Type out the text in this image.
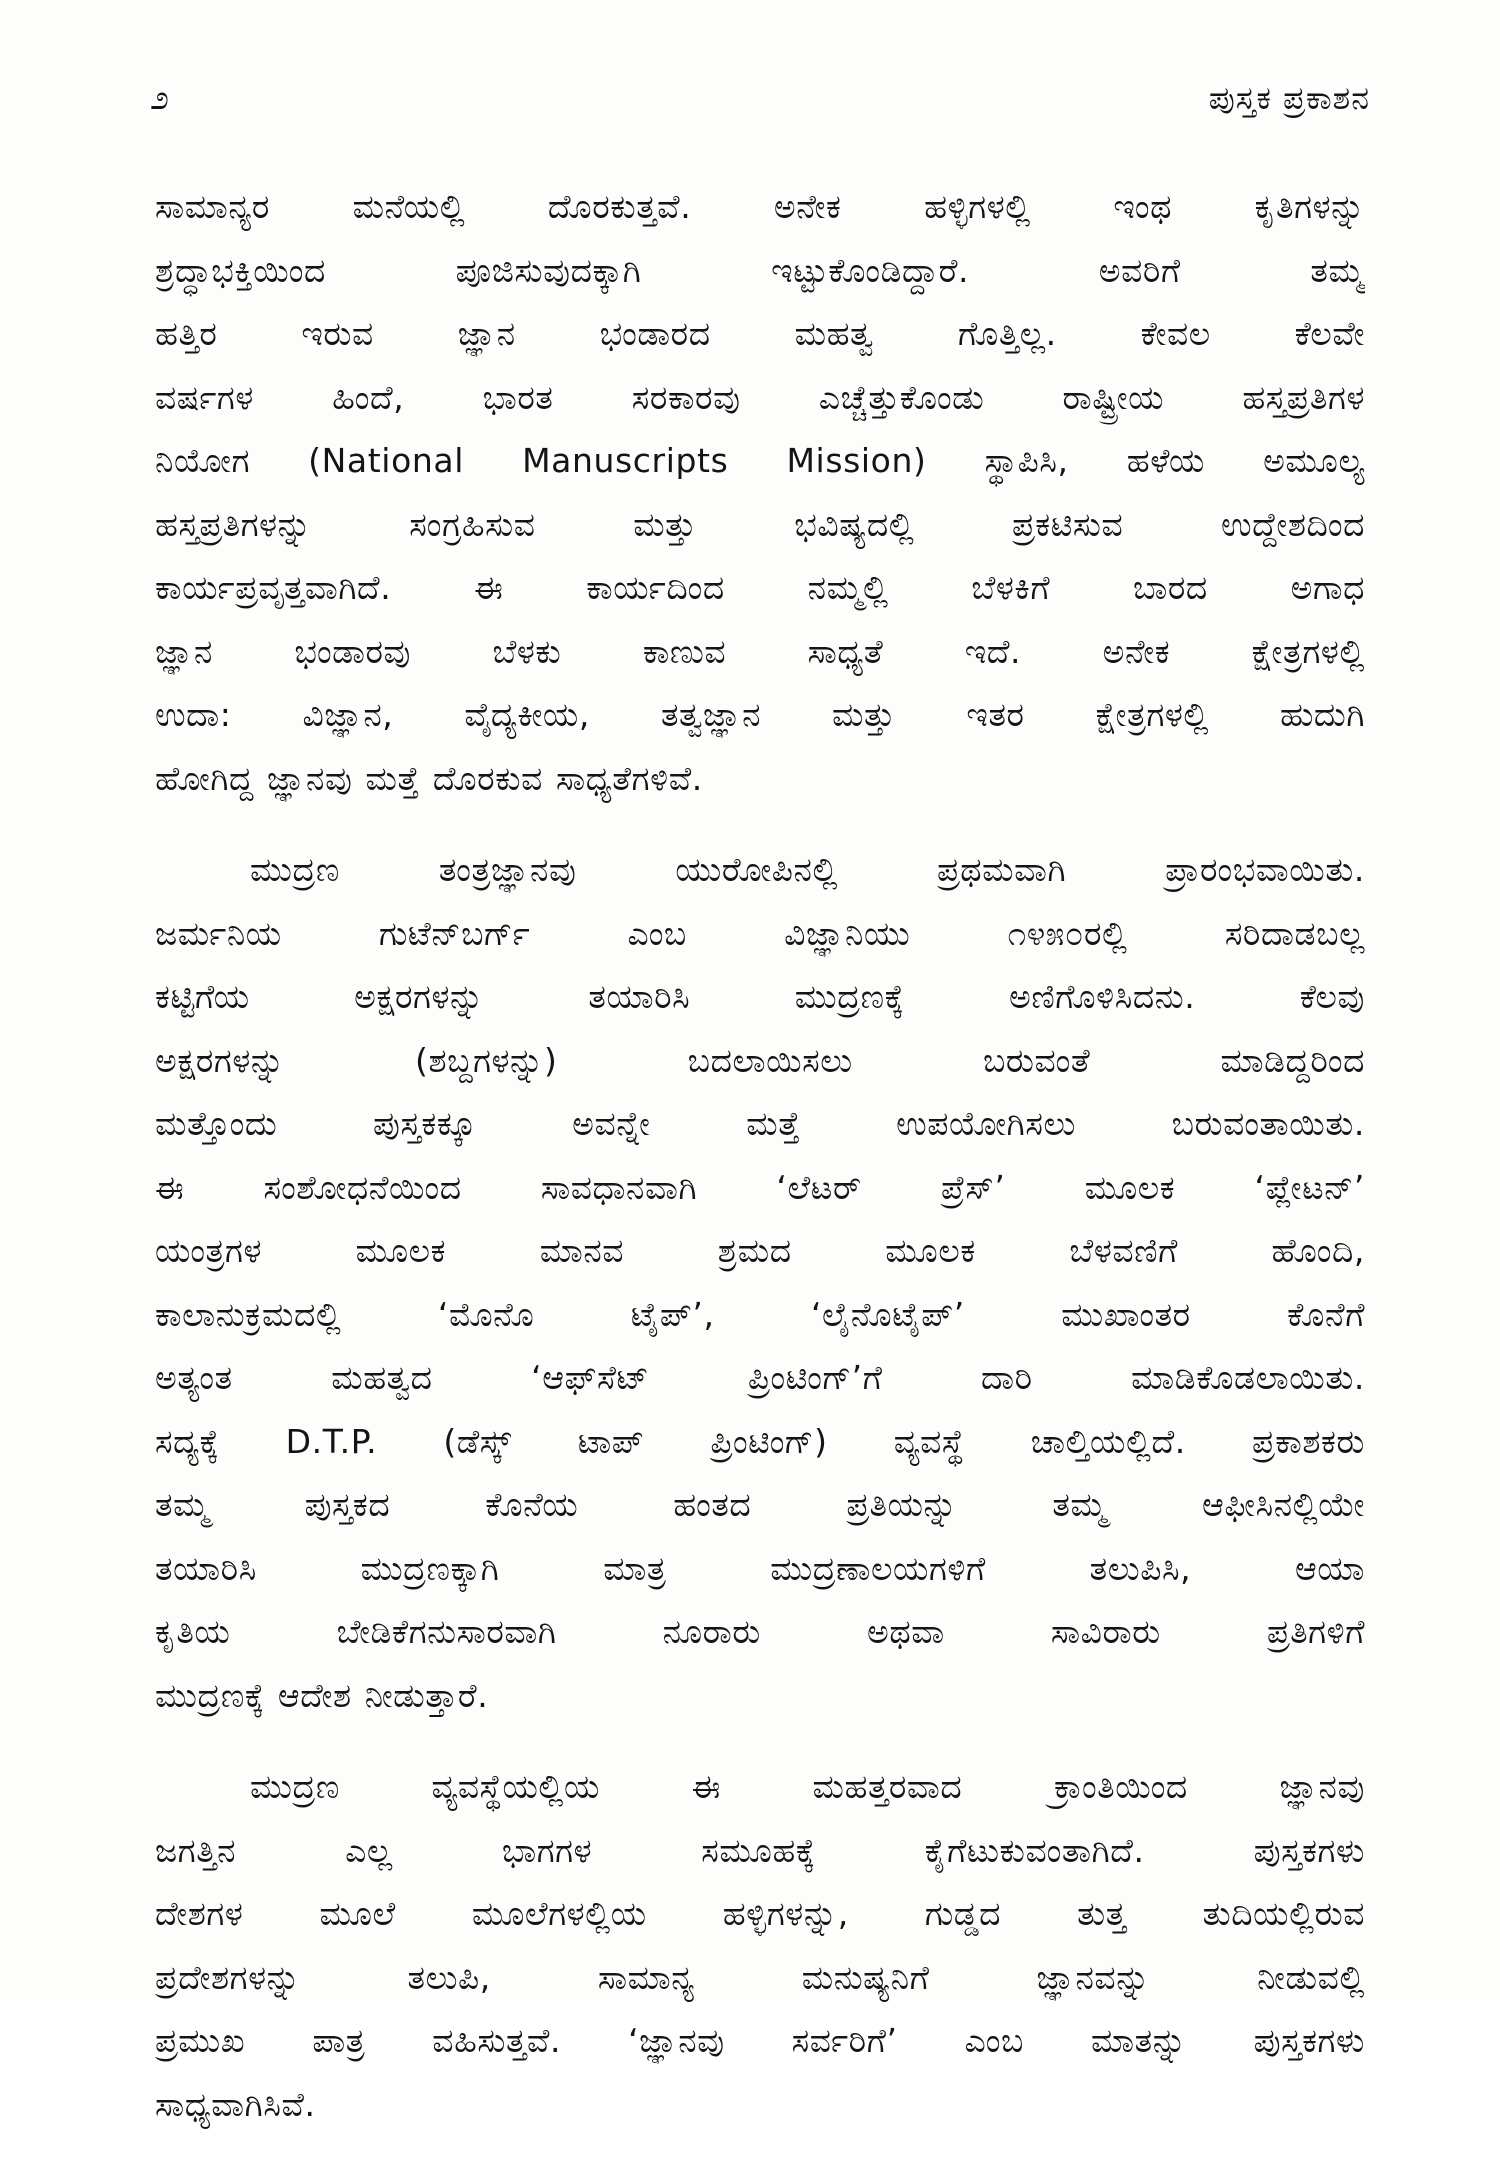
೨	ಪುಸ್ತಕ ಪ್ರಕಾಶನ
ಸಾಮಾನ್ಯರ ಮನೆಯಲ್ಲಿ ದೊರಕುತ್ತವೆ. ಅನೇಕ ಹಳ್ಳಿಗಳಲ್ಲಿ ಇಂಥ ಕೃತಿಗಳನ್ನು
ಶ್ರದ್ಧಾಭಕ್ತಿಯಿಂದ ಪೂಜಿಸುವುದಕ್ಕಾಗಿ ಇಟ್ಟುಕೊಂಡಿದ್ದಾರೆ. ಅವರಿಗೆ ತಮ್ಮ
ಹತ್ತಿರ ಇರುವ ಜ್ಞಾನ ಭಂಡಾರದ ಮಹತ್ವ ಗೊತ್ತಿಲ್ಲ. ಕೇವಲ ಕೆಲವೇ
ವರ್ಷಗಳ ಹಿಂದೆ, ಭಾರತ ಸರಕಾರವು ಎಚ್ಚೆತ್ತುಕೊಂಡು ರಾಷ್ಟ್ರೀಯ ಹಸ್ತಪ್ರತಿಗಳ
ನಿಯೋಗ (National Manuscripts Mission) ಸ್ಥಾಪಿಸಿ, ಹಳೆಯ ಅಮೂಲ್ಯ
ಹಸ್ತಪ್ರತಿಗಳನ್ನು ಸಂಗ್ರಹಿಸುವ ಮತ್ತು ಭವಿಷ್ಯದಲ್ಲಿ ಪ್ರಕಟಿಸುವ ಉದ್ದೇಶದಿಂದ
ಕಾರ್ಯಪ್ರವೃತ್ತವಾಗಿದೆ. ಈ ಕಾರ್ಯದಿಂದ ನಮ್ಮಲ್ಲಿ ಬೆಳಕಿಗೆ ಬಾರದ ಅಗಾಧ
ಜ್ಞಾನ ಭಂಡಾರವು ಬೆಳಕು ಕಾಣುವ ಸಾಧ್ಯತೆ ಇದೆ. ಅನೇಕ ಕ್ಷೇತ್ರಗಳಲ್ಲಿ
ಉದಾ: ವಿಜ್ಞಾನ, ವೈದ್ಯಕೀಯ, ತತ್ವಜ್ಞಾನ ಮತ್ತು ಇತರ ಕ್ಷೇತ್ರಗಳಲ್ಲಿ ಹುದುಗಿ
ಹೋಗಿದ್ದ ಜ್ಞಾನವು ಮತ್ತೆ ದೊರಕುವ ಸಾಧ್ಯತೆಗಳಿವೆ.
ಮುದ್ರಣ ತಂತ್ರಜ್ಞಾನವು ಯುರೋಪಿನಲ್ಲಿ ಪ್ರಥಮವಾಗಿ ಪ್ರಾರಂಭವಾಯಿತು.
ಜರ್ಮನಿಯ ಗುಟೆನ್‌ಬರ್ಗ್ ಎಂಬ ವಿಜ್ಞಾನಿಯು ೧೪೫೦ರಲ್ಲಿ ಸರಿದಾಡಬಲ್ಲ
ಕಟ್ಟಿಗೆಯ ಅಕ್ಷರಗಳನ್ನು ತಯಾರಿಸಿ ಮುದ್ರಣಕ್ಕೆ ಅಣಿಗೊಳಿಸಿದನು. ಕೆಲವು
ಅಕ್ಷರಗಳನ್ನು (ಶಬ್ದಗಳನ್ನು) ಬದಲಾಯಿಸಲು ಬರುವಂತೆ ಮಾಡಿದ್ದರಿಂದ
ಮತ್ತೊಂದು ಪುಸ್ತಕಕ್ಕೂ ಅವನ್ನೇ ಮತ್ತೆ ಉಪಯೋಗಿಸಲು ಬರುವಂತಾಯಿತು.
ಈ ಸಂಶೋಧನೆಯಿಂದ ಸಾವಧಾನವಾಗಿ ‘ಲೆಟರ್ ಪ್ರೆಸ್’ ಮೂಲಕ ‘ಪ್ಲೇಟನ್’
ಯಂತ್ರಗಳ ಮೂಲಕ ಮಾನವ ಶ್ರಮದ ಮೂಲಕ ಬೆಳವಣಿಗೆ ಹೊಂದಿ,
ಕಾಲಾನುಕ್ರಮದಲ್ಲಿ ‘ಮೊನೊ ಟೈಪ್’, ‘ಲೈನೊಟೈಪ್’ ಮುಖಾಂತರ ಕೊನೆಗೆ
ಅತ್ಯಂತ ಮಹತ್ವದ ‘ಆಫ್‌ಸೆಟ್ ಪ್ರಿಂಟಿಂಗ್’ಗೆ ದಾರಿ ಮಾಡಿಕೊಡಲಾಯಿತು.
ಸದ್ಯಕ್ಕೆ D.T.P. (ಡೆಸ್ಕ್ ಟಾಪ್ ಪ್ರಿಂಟಿಂಗ್) ವ್ಯವಸ್ಥೆ ಚಾಲ್ತಿಯಲ್ಲಿದೆ. ಪ್ರಕಾಶಕರು
ತಮ್ಮ ಪುಸ್ತಕದ ಕೊನೆಯ ಹಂತದ ಪ್ರತಿಯನ್ನು ತಮ್ಮ ಆಫೀಸಿನಲ್ಲಿಯೇ
ತಯಾರಿಸಿ ಮುದ್ರಣಕ್ಕಾಗಿ ಮಾತ್ರ ಮುದ್ರಣಾಲಯಗಳಿಗೆ ತಲುಪಿಸಿ, ಆಯಾ
ಕೃತಿಯ ಬೇಡಿಕೆಗನುಸಾರವಾಗಿ ನೂರಾರು ಅಥವಾ ಸಾವಿರಾರು ಪ್ರತಿಗಳಿಗೆ
ಮುದ್ರಣಕ್ಕೆ ಆದೇಶ ನೀಡುತ್ತಾರೆ.
ಮುದ್ರಣ ವ್ಯವಸ್ಥೆಯಲ್ಲಿಯ ಈ ಮಹತ್ತರವಾದ ಕ್ರಾಂತಿಯಿಂದ ಜ್ಞಾನವು
ಜಗತ್ತಿನ ಎಲ್ಲ ಭಾಗಗಳ ಸಮೂಹಕ್ಕೆ ಕೈಗೆಟುಕುವಂತಾಗಿದೆ. ಪುಸ್ತಕಗಳು
ದೇಶಗಳ ಮೂಲೆ ಮೂಲೆಗಳಲ್ಲಿಯ ಹಳ್ಳಿಗಳನ್ನು, ಗುಡ್ಡದ ತುತ್ತ ತುದಿಯಲ್ಲಿರುವ
ಪ್ರದೇಶಗಳನ್ನು ತಲುಪಿ, ಸಾಮಾನ್ಯ ಮನುಷ್ಯನಿಗೆ ಜ್ಞಾನವನ್ನು ನೀಡುವಲ್ಲಿ
ಪ್ರಮುಖ ಪಾತ್ರ ವಹಿಸುತ್ತವೆ. ‘ಜ್ಞಾನವು ಸರ್ವರಿಗೆ’ ಎಂಬ ಮಾತನ್ನು ಪುಸ್ತಕಗಳು
ಸಾಧ್ಯವಾಗಿಸಿವೆ.
